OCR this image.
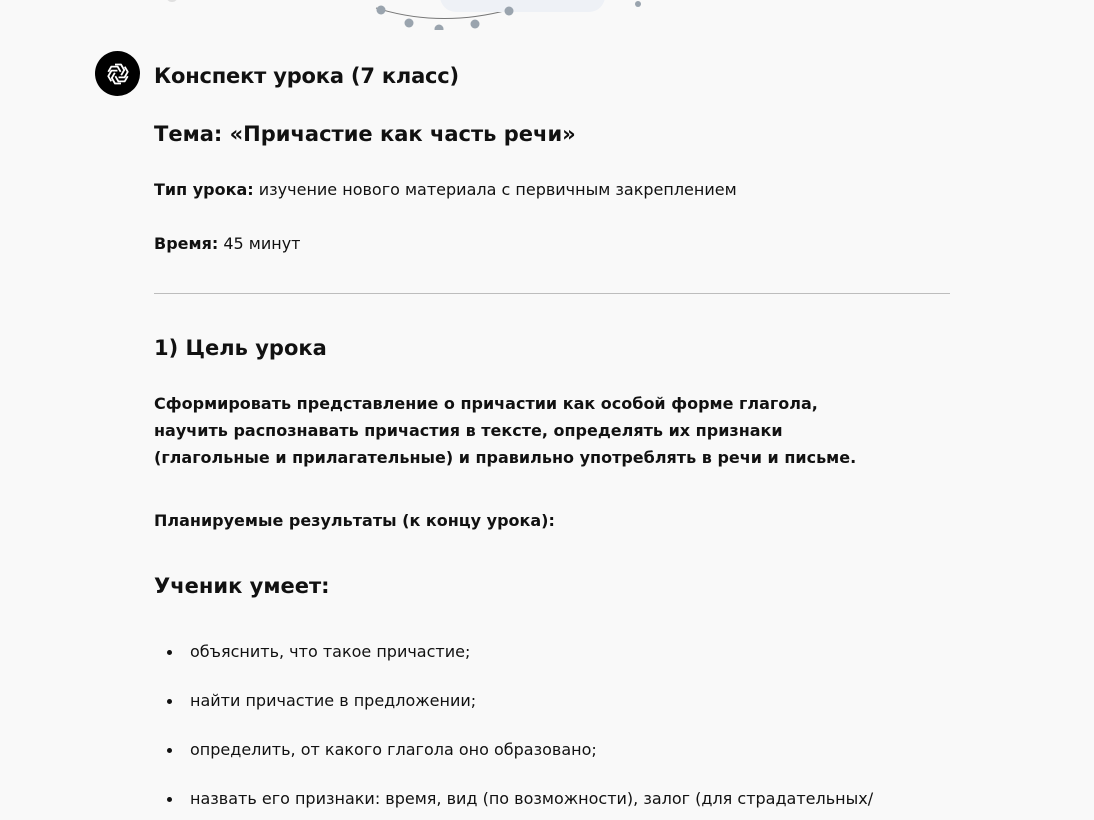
Конспект урока (7 класс)
Тема: «Причастие как часть речи»

Тип урока: изучение нового материала с первичным закреплением

Время: 45 минут

1) Цель урока

Сформировать представление о причастии как особой форме глагола, научить распознавать причастия в тексте, определять их признаки (глагольные и прилагательные) и правильно употреблять в речи и письме.

Планируемые результаты (к концу урока):

Ученик умеет:
объяснить, что такое причастие;
найти причастие в предложении;
определить, от какого глагола оно образовано;
назвать его признаки: время, вид (по возможности), залог (для страдательных/
